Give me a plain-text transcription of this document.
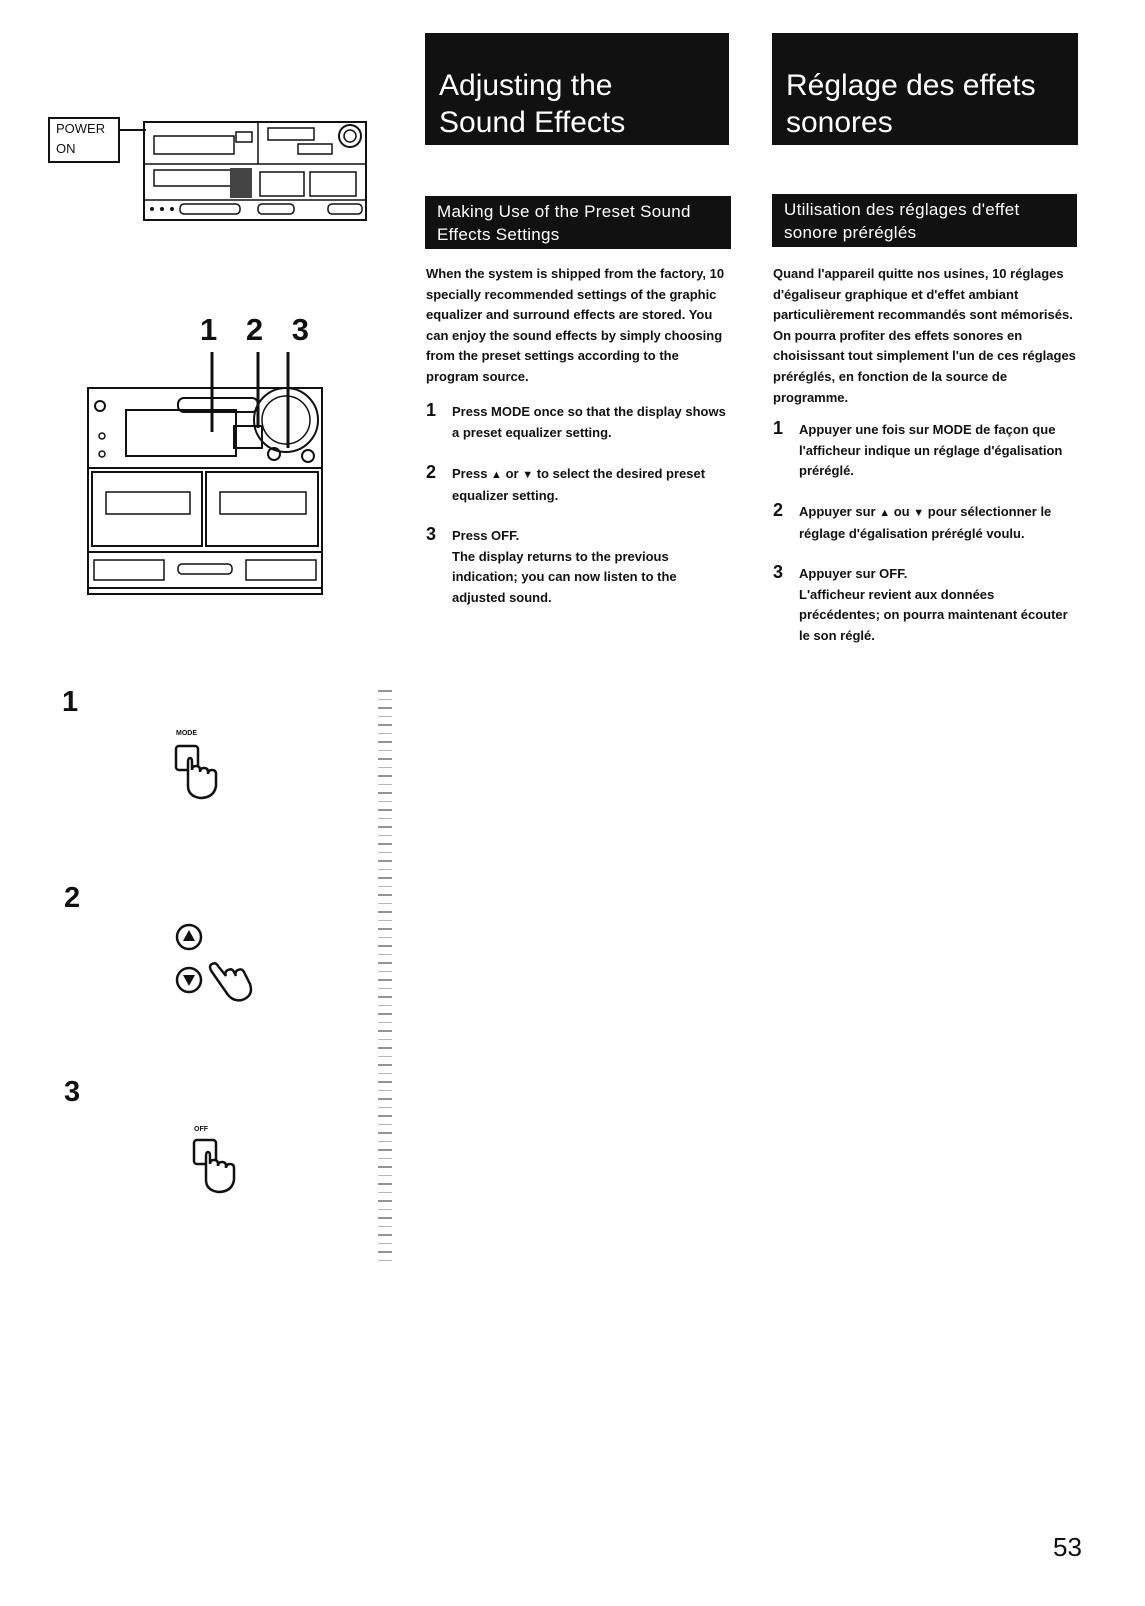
POWER
ON
1 2 3
1
MODE
2
3
OFF
Adjusting the
Sound Effects
Making Use of the Preset Sound
Effects Settings
When the system is shipped from the factory, 10 specially recommended settings of the graphic equalizer and surround effects are stored. You can enjoy the sound effects by simply choosing from the preset settings according to the program source.
1 Press MODE once so that the display shows a preset equalizer setting.
2 Press ▲ or ▼ to select the desired preset equalizer setting.
3 Press OFF.
The display returns to the previous indication; you can now listen to the adjusted sound.
Réglage des effets
sonores
Utilisation des réglages d'effet
sonore préréglés
Quand l'appareil quitte nos usines, 10 réglages d'égaliseur graphique et d'effet ambiant particulièrement recommandés sont mémorisés. On pourra profiter des effets sonores en choisissant tout simplement l'un de ces réglages préréglés, en fonction de la source de programme.
1 Appuyer une fois sur MODE de façon que l'afficheur indique un réglage d'égalisation préréglé.
2 Appuyer sur ▲ ou ▼ pour sélectionner le réglage d'égalisation préréglé voulu.
3 Appuyer sur OFF.
L'afficheur revient aux données précédentes; on pourra maintenant écouter le son réglé.
53
